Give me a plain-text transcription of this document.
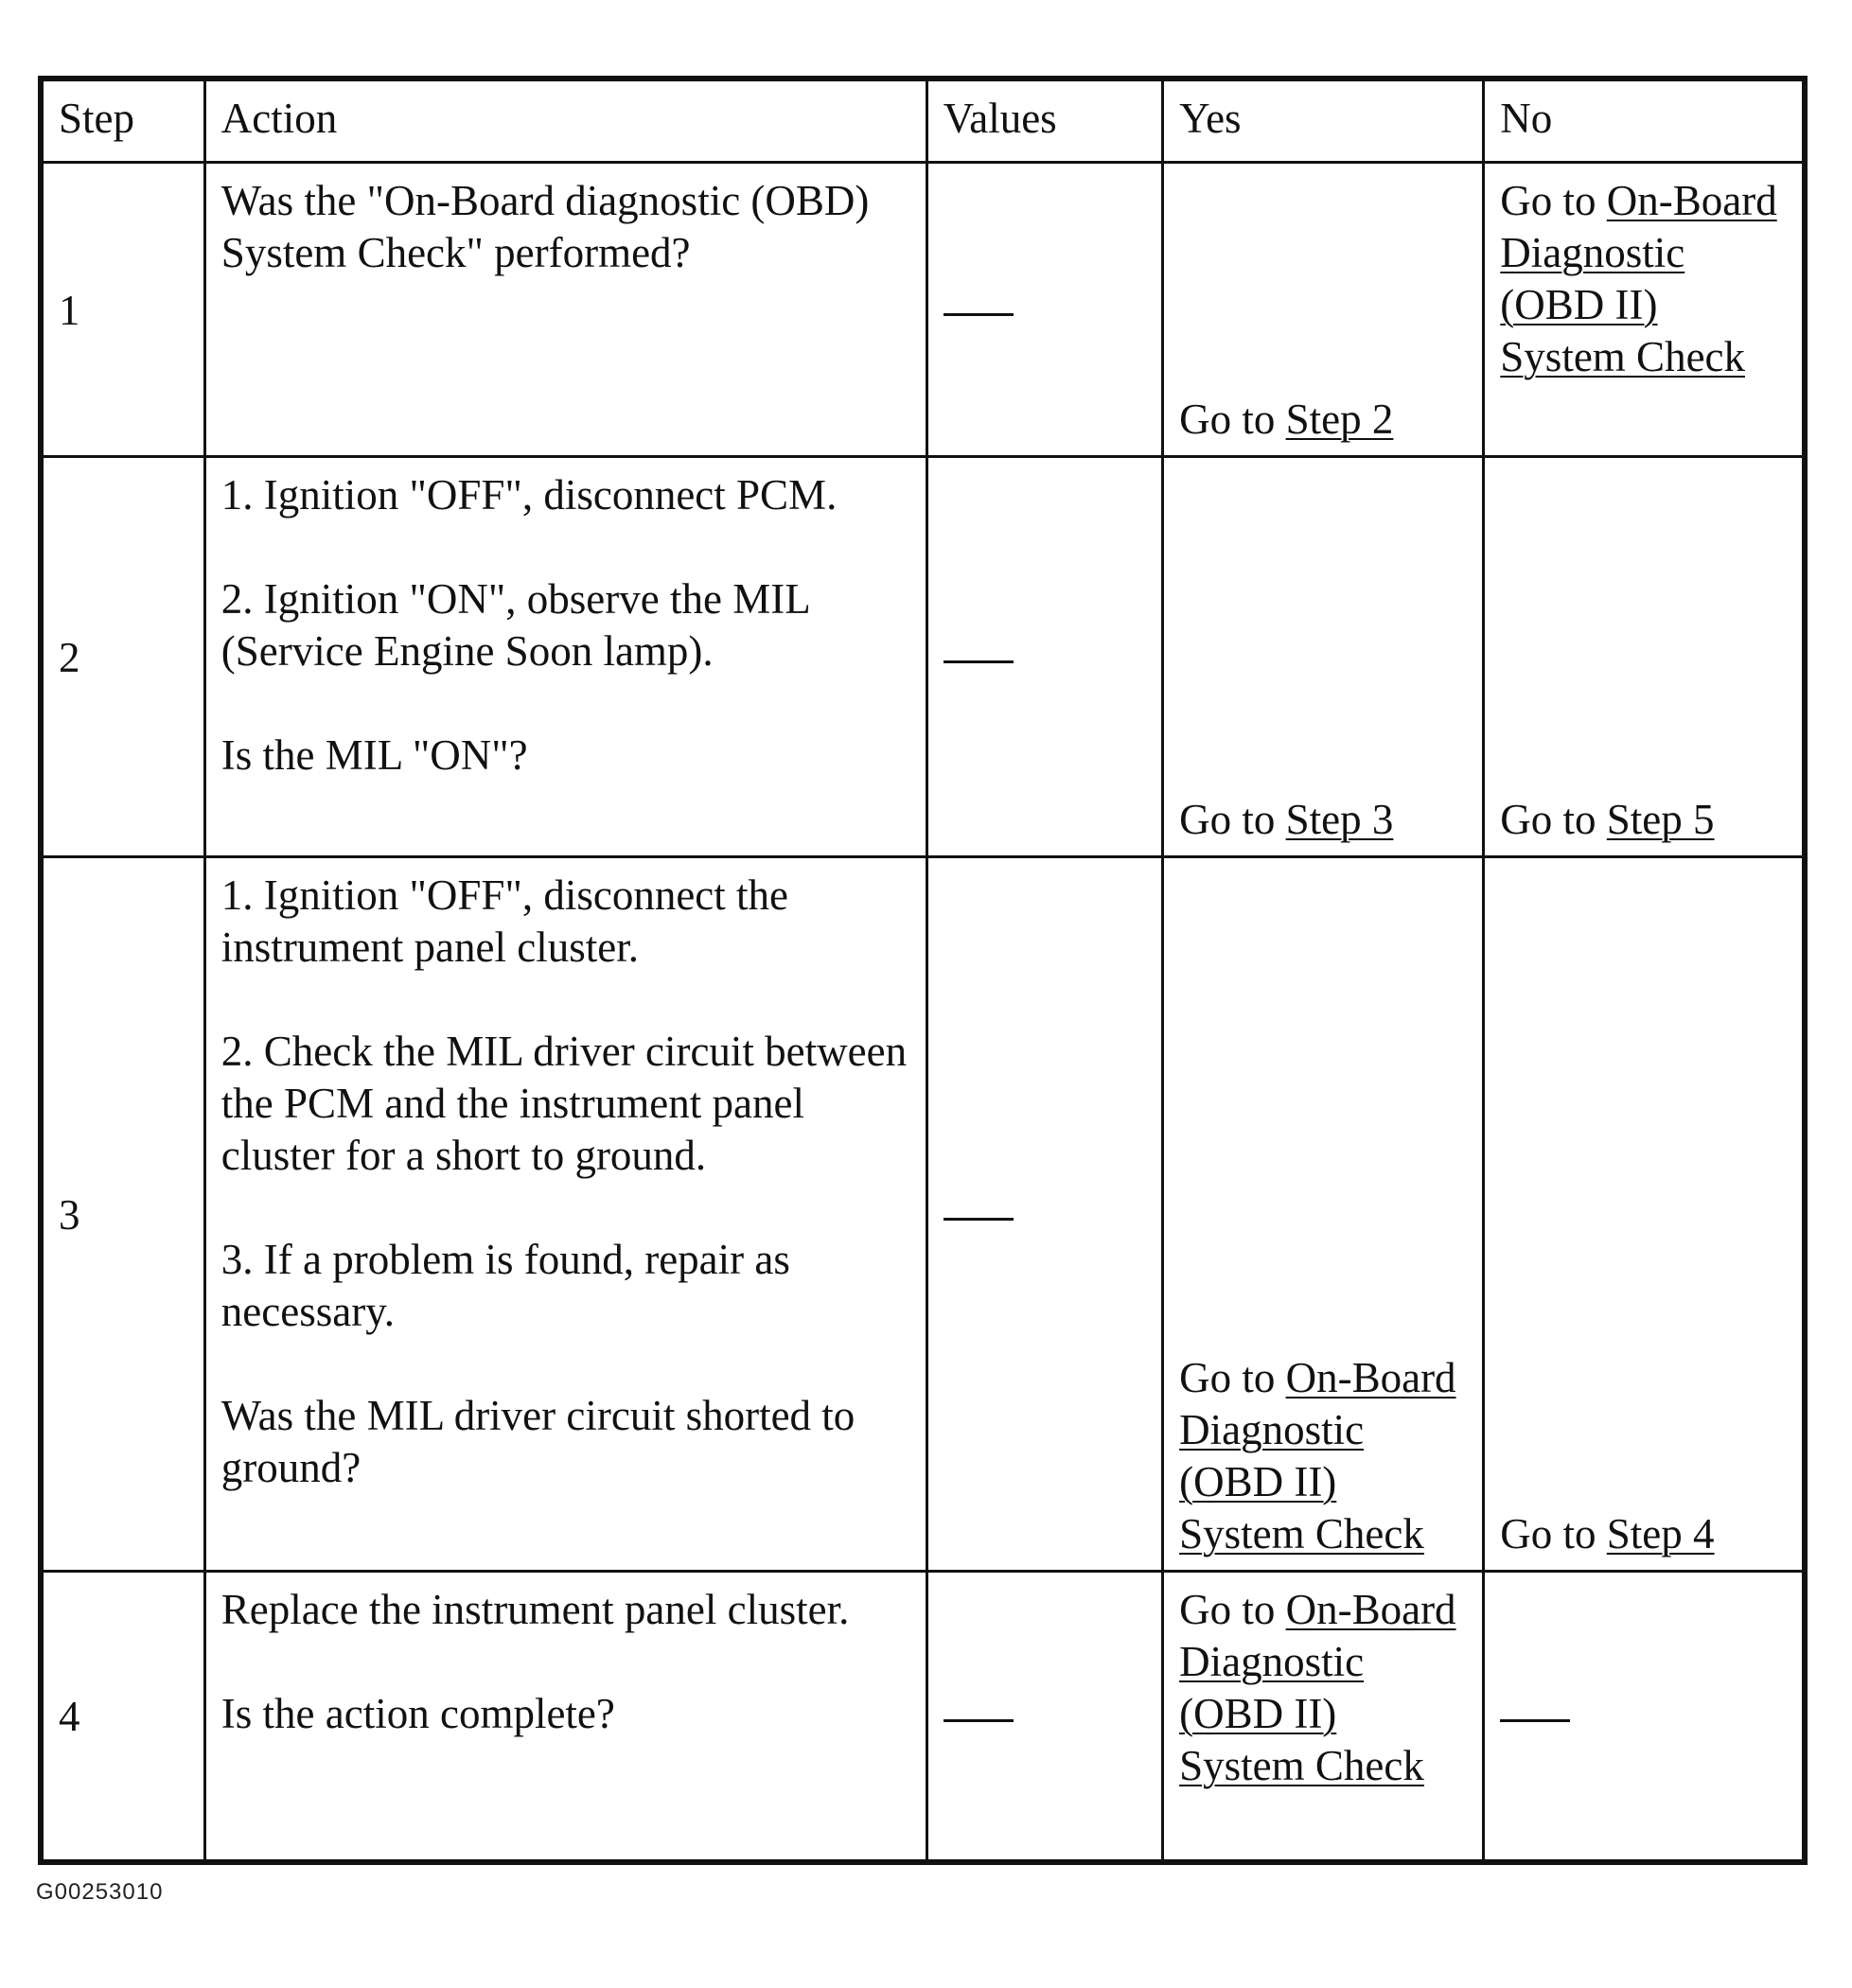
Step	Action	Values	Yes	No
1	Was the "On-Board diagnostic (OBD) System Check" performed?		Go to Step 2	Go to On-Board Diagnostic (OBD II) System Check
2	1. Ignition "OFF", disconnect PCM.

2. Ignition "ON", observe the MIL (Service Engine Soon lamp).

Is the MIL "ON"?		Go to Step 3	Go to Step 5
3	1. Ignition "OFF", disconnect the instrument panel cluster.

2. Check the MIL driver circuit between the PCM and the instrument panel cluster for a short to ground.

3. If a problem is found, repair as necessary.

Was the MIL driver circuit shorted to ground?		Go to On-Board Diagnostic (OBD II) System Check	Go to Step 4
4	Replace the instrument panel cluster.

Is the action complete?		Go to On-Board Diagnostic (OBD II) System Check	
G00253010
